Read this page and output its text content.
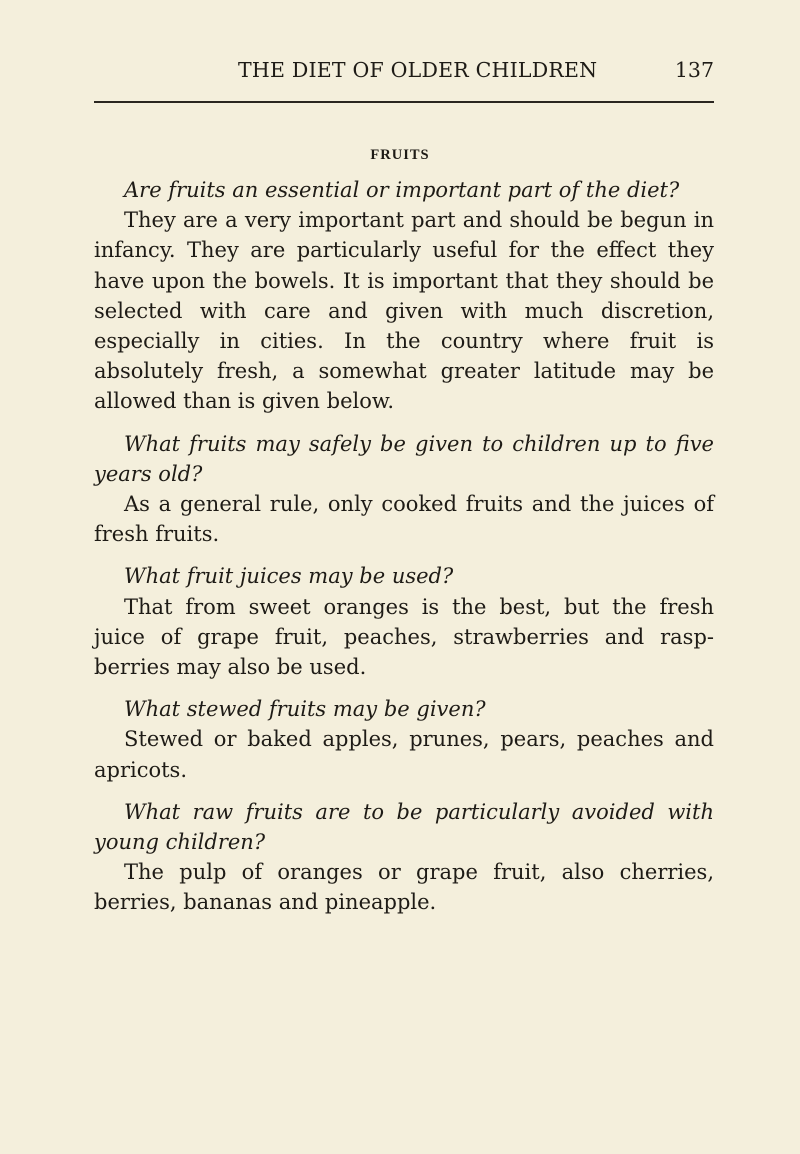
THE DIET OF OLDER CHILDREN	137
FRUITS

Are fruits an essential or important part of the diet?

They are a very important part and should be begun in infancy. They are particularly useful for the effect they have upon the bowels. It is important that they should be selected with care and given with much discretion, especially in cities. In the country where fruit is absolutely fresh, a somewhat greater latitude may be allowed than is given below.

What fruits may safely be given to children up to five years old?

As a general rule, only cooked fruits and the juices of fresh fruits.

What fruit juices may be used?

That from sweet oranges is the best, but the fresh juice of grape fruit, peaches, strawberries and rasp-berries may also be used.

What stewed fruits may be given?

Stewed or baked apples, prunes, pears, peaches and apricots.

What raw fruits are to be particularly avoided with young children?

The pulp of oranges or grape fruit, also cherries, berries, bananas and pineapple.
